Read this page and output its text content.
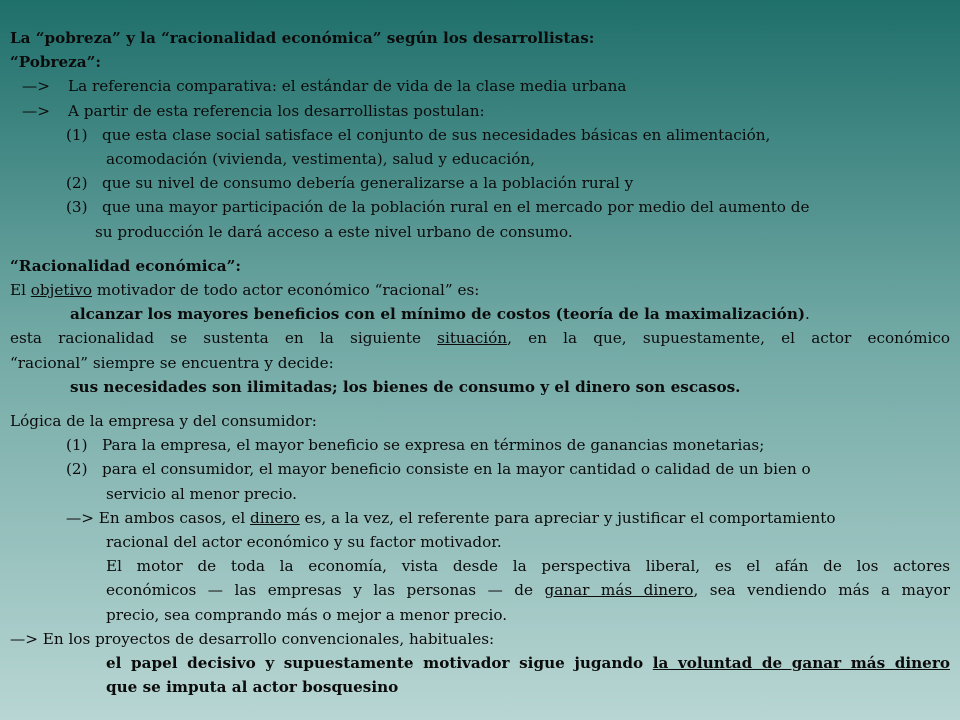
La “pobreza” y la “racionalidad económica” según los desarrollistas:
“Pobreza”:
—> La referencia comparativa: el estándar de vida de la clase media urbana
—> A partir de esta referencia los desarrollistas postulan:
(1) que esta clase social satisface el conjunto de sus necesidades básicas en alimentación,
acomodación (vivienda, vestimenta), salud y educación,
(2) que su nivel de consumo debería generalizarse a la población rural y
(3) que una mayor participación de la población rural en el mercado por medio del aumento de
su producción le dará acceso a este nivel urbano de consumo.
“Racionalidad económica”:
El objetivo motivador de todo actor económico “racional” es:
alcanzar los mayores beneficios con el mínimo de costos (teoría de la maximalización).
esta racionalidad se sustenta en la siguiente situación, en la que, supuestamente, el actor económico
“racional” siempre se encuentra y decide:
sus necesidades son ilimitadas; los bienes de consumo y el dinero son escasos.
Lógica de la empresa y del consumidor:
(1) Para la empresa, el mayor beneficio se expresa en términos de ganancias monetarias;
(2) para el consumidor, el mayor beneficio consiste en la mayor cantidad o calidad de un bien o
servicio al menor precio.
—> En ambos casos, el dinero es, a la vez, el referente para apreciar y justificar el comportamiento
racional del actor económico y su factor motivador.
El motor de toda la economía, vista desde la perspectiva liberal, es el afán de los actores
económicos — las empresas y las personas — de ganar más dinero, sea vendiendo más a mayor
precio, sea comprando más o mejor a menor precio.
—> En los proyectos de desarrollo convencionales, habituales:
el papel decisivo y supuestamente motivador sigue jugando la voluntad de ganar más dinero
que se imputa al actor bosquesino
